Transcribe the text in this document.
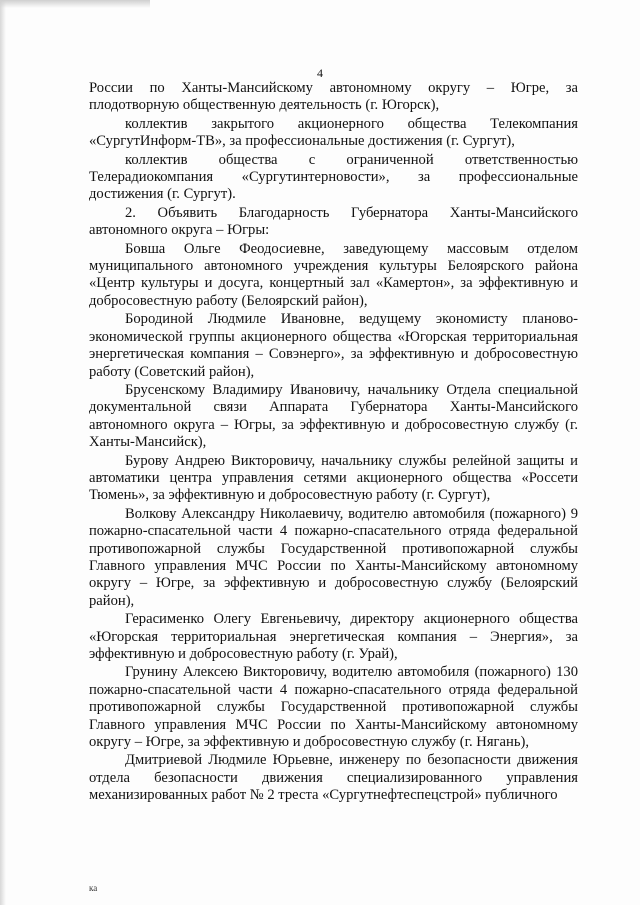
4

России по Ханты-Мансийскому автономному округу – Югре, за плодотворную общественную деятельность (г. Югорск),

коллектив закрытого акционерного общества Телекомпания «СургутИнформ-ТВ», за профессиональные достижения (г. Сургут),

коллектив общества с ограниченной ответственностью Телерадиокомпания «Сургутинтерновости», за профессиональные достижения (г. Сургут).

2. Объявить Благодарность Губернатора Ханты-Мансийского автономного округа – Югры:

Бовша Ольге Феодосиевне, заведующему массовым отделом муниципального автономного учреждения культуры Белоярского района «Центр культуры и досуга, концертный зал «Камертон», за эффективную и добросовестную работу (Белоярский район),

Бородиной Людмиле Ивановне, ведущему экономисту планово-экономической группы акционерного общества «Югорская территориальная энергетическая компания – Совэнерго», за эффективную и добросовестную работу (Советский район),

Брусенскому Владимиру Ивановичу, начальнику Отдела специальной документальной связи Аппарата Губернатора Ханты-Мансийского автономного округа – Югры, за эффективную и добросовестную службу (г. Ханты-Мансийск),

Бурову Андрею Викторовичу, начальнику службы релейной защиты и автоматики центра управления сетями акционерного общества «Россети Тюмень», за эффективную и добросовестную работу (г. Сургут),

Волкову Александру Николаевичу, водителю автомобиля (пожарного) 9 пожарно-спасательной части 4 пожарно-спасательного отряда федеральной противопожарной службы Государственной противопожарной службы Главного управления МЧС России по Ханты-Мансийскому автономному округу – Югре, за эффективную и добросовестную службу (Белоярский район),

Герасименко Олегу Евгеньевичу, директору акционерного общества «Югорская территориальная энергетическая компания – Энергия», за эффективную и добросовестную работу (г. Урай),

Грунину Алексею Викторовичу, водителю автомобиля (пожарного) 130 пожарно-спасательной части 4 пожарно-спасательного отряда федеральной противопожарной службы Государственной противопожарной службы Главного управления МЧС России по Ханты-Мансийскому автономному округу – Югре, за эффективную и добросовестную службу (г. Нягань),

Дмитриевой Людмиле Юрьевне, инженеру по безопасности движения отдела безопасности движения специализированного управления механизированных работ № 2 треста «Сургутнефтеспецстрой» публичного

ка
